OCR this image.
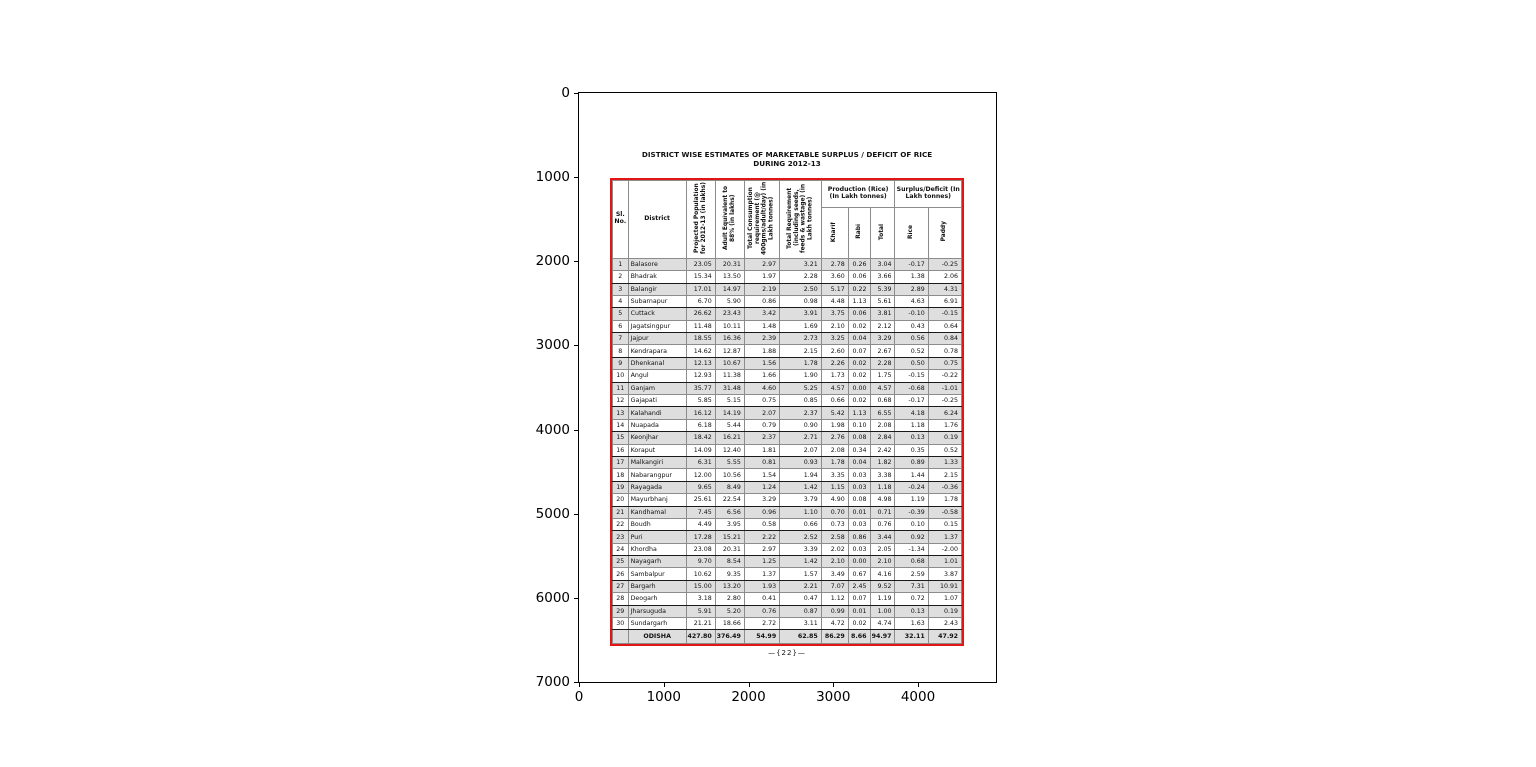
DISTRICT WISE ESTIMATES OF MARKETABLE SURPLUS / DEFICIT OF RICE
DURING 2012-13
Sl. No.	District	Projected Population for 2012-13 (in lakhs)	Adult Equivalent to 88% (in lakhs)	Total Consumption requirement (@ 400gms/adult/day) (in Lakh tonnes)	Total Requirement (including seeds, feeds & wastage) (in Lakh tonnes)	Production (Rice) (In Lakh tonnes)			Surplus/Deficit (In Lakh tonnes)	
						Kharif	Rabi	Total	Rice	Paddy
1	Balasore	23.05	20.31	2.97	3.21	2.78	0.26	3.04	-0.17	-0.25
2	Bhadrak	15.34	13.50	1.97	2.28	3.60	0.06	3.66	1.38	2.06
3	Balangir	17.01	14.97	2.19	2.50	5.17	0.22	5.39	2.89	4.31
4	Subarnapur	6.70	5.90	0.86	0.98	4.48	1.13	5.61	4.63	6.91
5	Cuttack	26.62	23.43	3.42	3.91	3.75	0.06	3.81	-0.10	-0.15
6	Jagatsingpur	11.48	10.11	1.48	1.69	2.10	0.02	2.12	0.43	0.64
7	Jajpur	18.55	16.36	2.39	2.73	3.25	0.04	3.29	0.56	0.84
8	Kendrapara	14.62	12.87	1.88	2.15	2.60	0.07	2.67	0.52	0.78
9	Dhenkanal	12.13	10.67	1.56	1.78	2.26	0.02	2.28	0.50	0.75
10	Angul	12.93	11.38	1.66	1.90	1.73	0.02	1.75	-0.15	-0.22
11	Ganjam	35.77	31.48	4.60	5.25	4.57	0.00	4.57	-0.68	-1.01
12	Gajapati	5.85	5.15	0.75	0.85	0.66	0.02	0.68	-0.17	-0.25
13	Kalahandi	16.12	14.19	2.07	2.37	5.42	1.13	6.55	4.18	6.24
14	Nuapada	6.18	5.44	0.79	0.90	1.98	0.10	2.08	1.18	1.76
15	Keonjhar	18.42	16.21	2.37	2.71	2.76	0.08	2.84	0.13	0.19
16	Koraput	14.09	12.40	1.81	2.07	2.08	0.34	2.42	0.35	0.52
17	Malkangiri	6.31	5.55	0.81	0.93	1.78	0.04	1.82	0.89	1.33
18	Nabarangpur	12.00	10.56	1.54	1.94	3.35	0.03	3.38	1.44	2.15
19	Rayagada	9.65	8.49	1.24	1.42	1.15	0.03	1.18	-0.24	-0.36
20	Mayurbhanj	25.61	22.54	3.29	3.79	4.90	0.08	4.98	1.19	1.78
21	Kandhamal	7.45	6.56	0.96	1.10	0.70	0.01	0.71	-0.39	-0.58
22	Boudh	4.49	3.95	0.58	0.66	0.73	0.03	0.76	0.10	0.15
23	Puri	17.28	15.21	2.22	2.52	2.58	0.86	3.44	0.92	1.37
24	Khordha	23.08	20.31	2.97	3.39	2.02	0.03	2.05	-1.34	-2.00
25	Nayagarh	9.70	8.54	1.25	1.42	2.10	0.00	2.10	0.68	1.01
26	Sambalpur	10.62	9.35	1.37	1.57	3.49	0.67	4.16	2.59	3.87
27	Bargarh	15.00	13.20	1.93	2.21	7.07	2.45	9.52	7.31	10.91
28	Deogarh	3.18	2.80	0.41	0.47	1.12	0.07	1.19	0.72	1.07
29	Jharsuguda	5.91	5.20	0.76	0.87	0.99	0.01	1.00	0.13	0.19
30	Sundargarh	21.21	18.66	2.72	3.11	4.72	0.02	4.74	1.63	2.43
	ODISHA	427.80	376.49	54.99	62.85	86.29	8.66	94.97	32.11	47.92
—{22}—
0
1000
2000
3000
4000
5000
6000
7000
0	1000	2000	3000	4000
